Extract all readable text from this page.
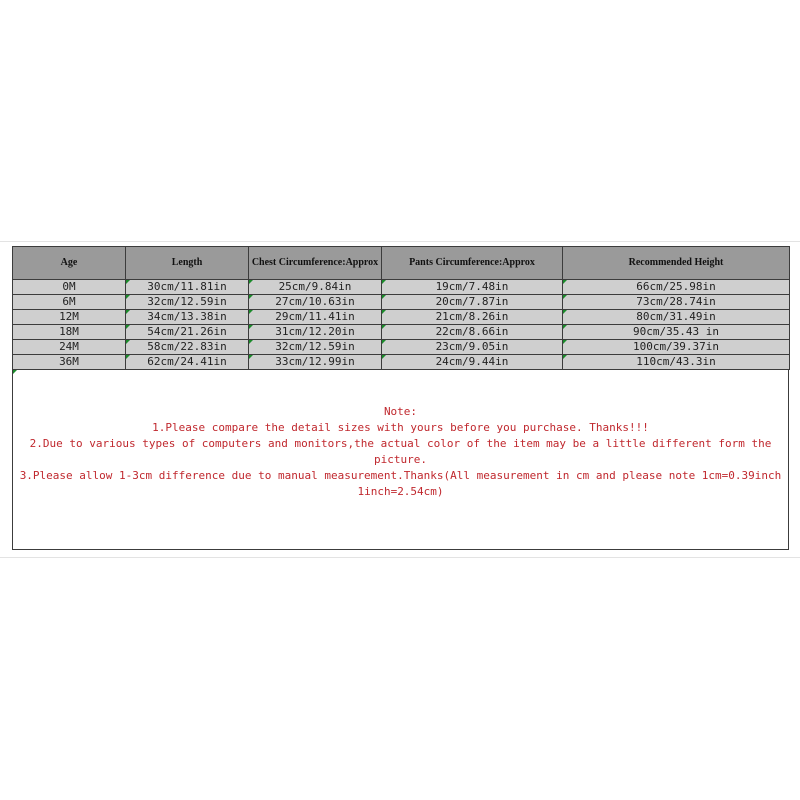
Age	Length	Chest Circumference:Approx	Pants Circumference:Approx	Recommended Height
0M	30cm/11.81in	25cm/9.84in	19cm/7.48in	66cm/25.98in
6M	32cm/12.59in	27cm/10.63in	20cm/7.87in	73cm/28.74in
12M	34cm/13.38in	29cm/11.41in	21cm/8.26in	80cm/31.49in
18M	54cm/21.26in	31cm/12.20in	22cm/8.66in	90cm/35.43 in
24M	58cm/22.83in	32cm/12.59in	23cm/9.05in	100cm/39.37in
36M	62cm/24.41in	33cm/12.99in	24cm/9.44in	110cm/43.3in
Note:
1.Please compare the detail sizes with yours before you purchase. Thanks!!!
2.Due to various types of computers and monitors,the actual color of the item may be a little different form the picture.
3.Please allow 1-3cm difference due to manual measurement.Thanks(All measurement in cm and please note 1cm=0.39inch 1inch=2.54cm)
